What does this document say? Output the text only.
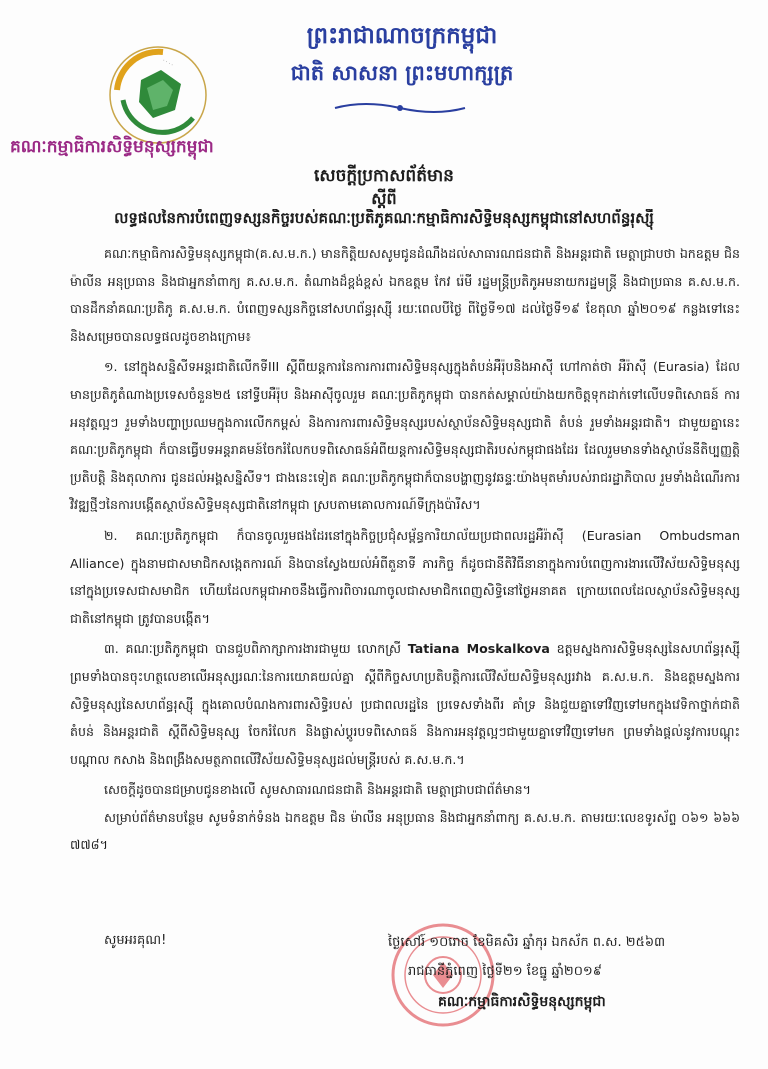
. . . .
គណៈកម្មាធិការសិទ្ធិមនុស្សកម្ពុជា
ព្រះរាជាណាចក្រកម្ពុជា
ជាតិ សាសនា ព្រះមហាក្សត្រ
សេចក្តីប្រកាសព័ត៌មាន
ស្តីពី
លទ្ធផលនៃការបំពេញទស្សនកិច្ចរបស់គណៈប្រតិភូគណៈកម្មាធិការសិទ្ធិមនុស្សកម្ពុជានៅសហព័ន្ធរុស្ស៊ី

គណៈកម្មាធិការសិទ្ធិមនុស្សកម្ពុជា(គ.ស.ម.ក.) មានកិត្តិយសសូមជូនដំណឹងដល់សាធារណជនជាតិ និងអន្តរជាតិ មេត្តាជ្រាបថា ឯកឧត្តម ជិន ម៉ាលីន អនុប្រធាន និងជាអ្នកនាំពាក្យ គ.ស.ម.ក. តំណាងដ៏ខ្ពង់ខ្ពស់ ឯកឧត្តម កែវ រ៉េមី រដ្ឋមន្ត្រីប្រតិភូអមនាយករដ្ឋមន្ត្រី និងជាប្រធាន គ.ស.ម.ក. បានដឹកនាំគណៈប្រតិភូ គ.ស.ម.ក. បំពេញទស្សនកិច្ចនៅសហព័ន្ធរុស្ស៊ី រយៈពេលបីថ្ងៃ ពីថ្ងៃទី១៧ ដល់ថ្ងៃទី១៩ ខែតុលា ឆ្នាំ២០១៩ កន្លងទៅនេះ និងសម្រេចបានលទ្ធផលដូចខាងក្រោម៖

១. នៅក្នុងសន្និសីទអន្តរជាតិលើកទីIII ស្តីពីយន្តការនៃការការពារសិទ្ធិមនុស្សក្នុងតំបន់អឺរ៉ុបនិងអាស៊ី ហៅកាត់ថា អឺរ៉ាស៊ី (Eurasia) ដែលមានប្រតិភូតំណាងប្រទេសចំនួន២៥ នៅទ្វីបអឺរ៉ុប និងអាស៊ីចូលរួម គណៈប្រតិភូកម្ពុជា បានកត់សម្គាល់យ៉ាងយកចិត្តទុកដាក់ទៅលើបទពិសោធន៍ ការអនុវត្តល្អៗ រួមទាំងបញ្ហាប្រឈមក្នុងការលើកកម្ពស់ និងការការពារសិទ្ធិមនុស្សរបស់ស្ថាប័នសិទ្ធិមនុស្សជាតិ តំបន់ រួមទាំងអន្តរជាតិ។ ជាមួយគ្នានេះ គណៈប្រតិភូកម្ពុជា ក៏បានធ្វើបទអន្តរាគមន៍ចែករំលែកបទពិសោធន៍អំពីយន្តការសិទ្ធិមនុស្សជាតិរបស់កម្ពុជាផងដែរ ដែលរួមមានទាំងស្ថាប័ននីតិប្បញ្ញត្តិ ប្រតិបត្តិ និងតុលាការ ជូនដល់អង្គសន្និសីទ។ ជាងនេះទៀត គណៈប្រតិភូកម្ពុជាក៏បានបង្ហាញនូវឆន្ទៈយ៉ាងមុតមាំរបស់រាជរដ្ឋាភិបាល រួមទាំងដំណើរការវិវឌ្ឍថ្មីៗនៃការបង្កើតស្ថាប័នសិទ្ធិមនុស្សជាតិនៅកម្ពុជា ស្របតាមគោលការណ៍ទីក្រុងប៉ារីស។

២. គណៈប្រតិភូកម្ពុជា ក៏បានចូលរួមផងដែរនៅក្នុងកិច្ចប្រជុំសម្ព័ន្ធការិយាល័យប្រជាពលរដ្ឋអឺរ៉ាស៊ី (Eurasian Ombudsman Alliance) ក្នុងនាមជាសមាជិកសង្កេតការណ៍ និងបានស្វែងយល់អំពីតួនាទី ភារកិច្ច ក៏ដូចជានីតិវិធីនានាក្នុងការបំពេញការងារលើវិស័យសិទ្ធិមនុស្សនៅក្នុងប្រទេសជាសមាជិក ហើយដែលកម្ពុជាអាចនឹងធ្វើការពិចារណាចូលជាសមាជិកពេញសិទ្ធិនៅថ្ងៃអនាគត ក្រោយពេលដែលស្ថាប័នសិទ្ធិមនុស្សជាតិនៅកម្ពុជា ត្រូវបានបង្កើត។

៣. គណៈប្រតិភូកម្ពុជា បានជួបពិភាក្សាការងារជាមួយ លោកស្រី Tatiana Moskalkova ឧត្តមស្នងការសិទ្ធិមនុស្សនៃសហព័ន្ធរុស្ស៊ី ព្រមទាំងបានចុះហត្ថលេខាលើអនុស្សរណៈនៃការយោគយល់គ្នា ស្តីពីកិច្ចសហប្រតិបត្តិការលើវិស័យសិទ្ធិមនុស្សរវាង គ.ស.ម.ក. និងឧត្តមស្នងការសិទ្ធិមនុស្សនៃសហព័ន្ធរុស្ស៊ី ក្នុងគោលបំណងការពារសិទ្ធិរបស់ ប្រជាពលរដ្ឋនៃ ប្រទេសទាំងពីរ គាំទ្រ និងជួយគ្នាទៅវិញទៅមកក្នុងវេទិកាថ្នាក់ជាតិ តំបន់ និងអន្តរជាតិ ស្តីពីសិទ្ធិមនុស្ស ចែករំលែក និងផ្លាស់ប្តូរបទពិសោធន៍ និងការអនុវត្តល្អៗជាមួយគ្នាទៅវិញទៅមក ព្រមទាំងផ្តល់នូវការបណ្តុះបណ្តាល កសាង និងពង្រឹងសមត្ថភាពលើវិស័យសិទ្ធិមនុស្សដល់មន្ត្រីរបស់ គ.ស.ម.ក.។

សេចក្តីដូចបានជម្រាបជូនខាងលើ សូមសាធារណជនជាតិ និងអន្តរជាតិ មេត្តាជ្រាបជាព័ត៌មាន។

សម្រាប់ព័ត៌មានបន្ថែម សូមទំនាក់ទំនង ឯកឧត្តម ជិន ម៉ាលីន អនុប្រធាន និងជាអ្នកនាំពាក្យ គ.ស.ម.ក. តាមរយៈលេខទូរស័ព្ទ ០៦១ ៦៦៦ ៧៧៨។

សូមអរគុណ!	ថ្ងៃសៅរ៍ ១០រោច ខែមិគសិរ ឆ្នាំកុរ ឯកស័ក ព.ស. ២៥៦៣
រាជធានីភ្នំពេញ ថ្ងៃទី២១ ខែធ្នូ ឆ្នាំ២០១៩
គណៈកម្មាធិការសិទ្ធិមនុស្សកម្ពុជា
